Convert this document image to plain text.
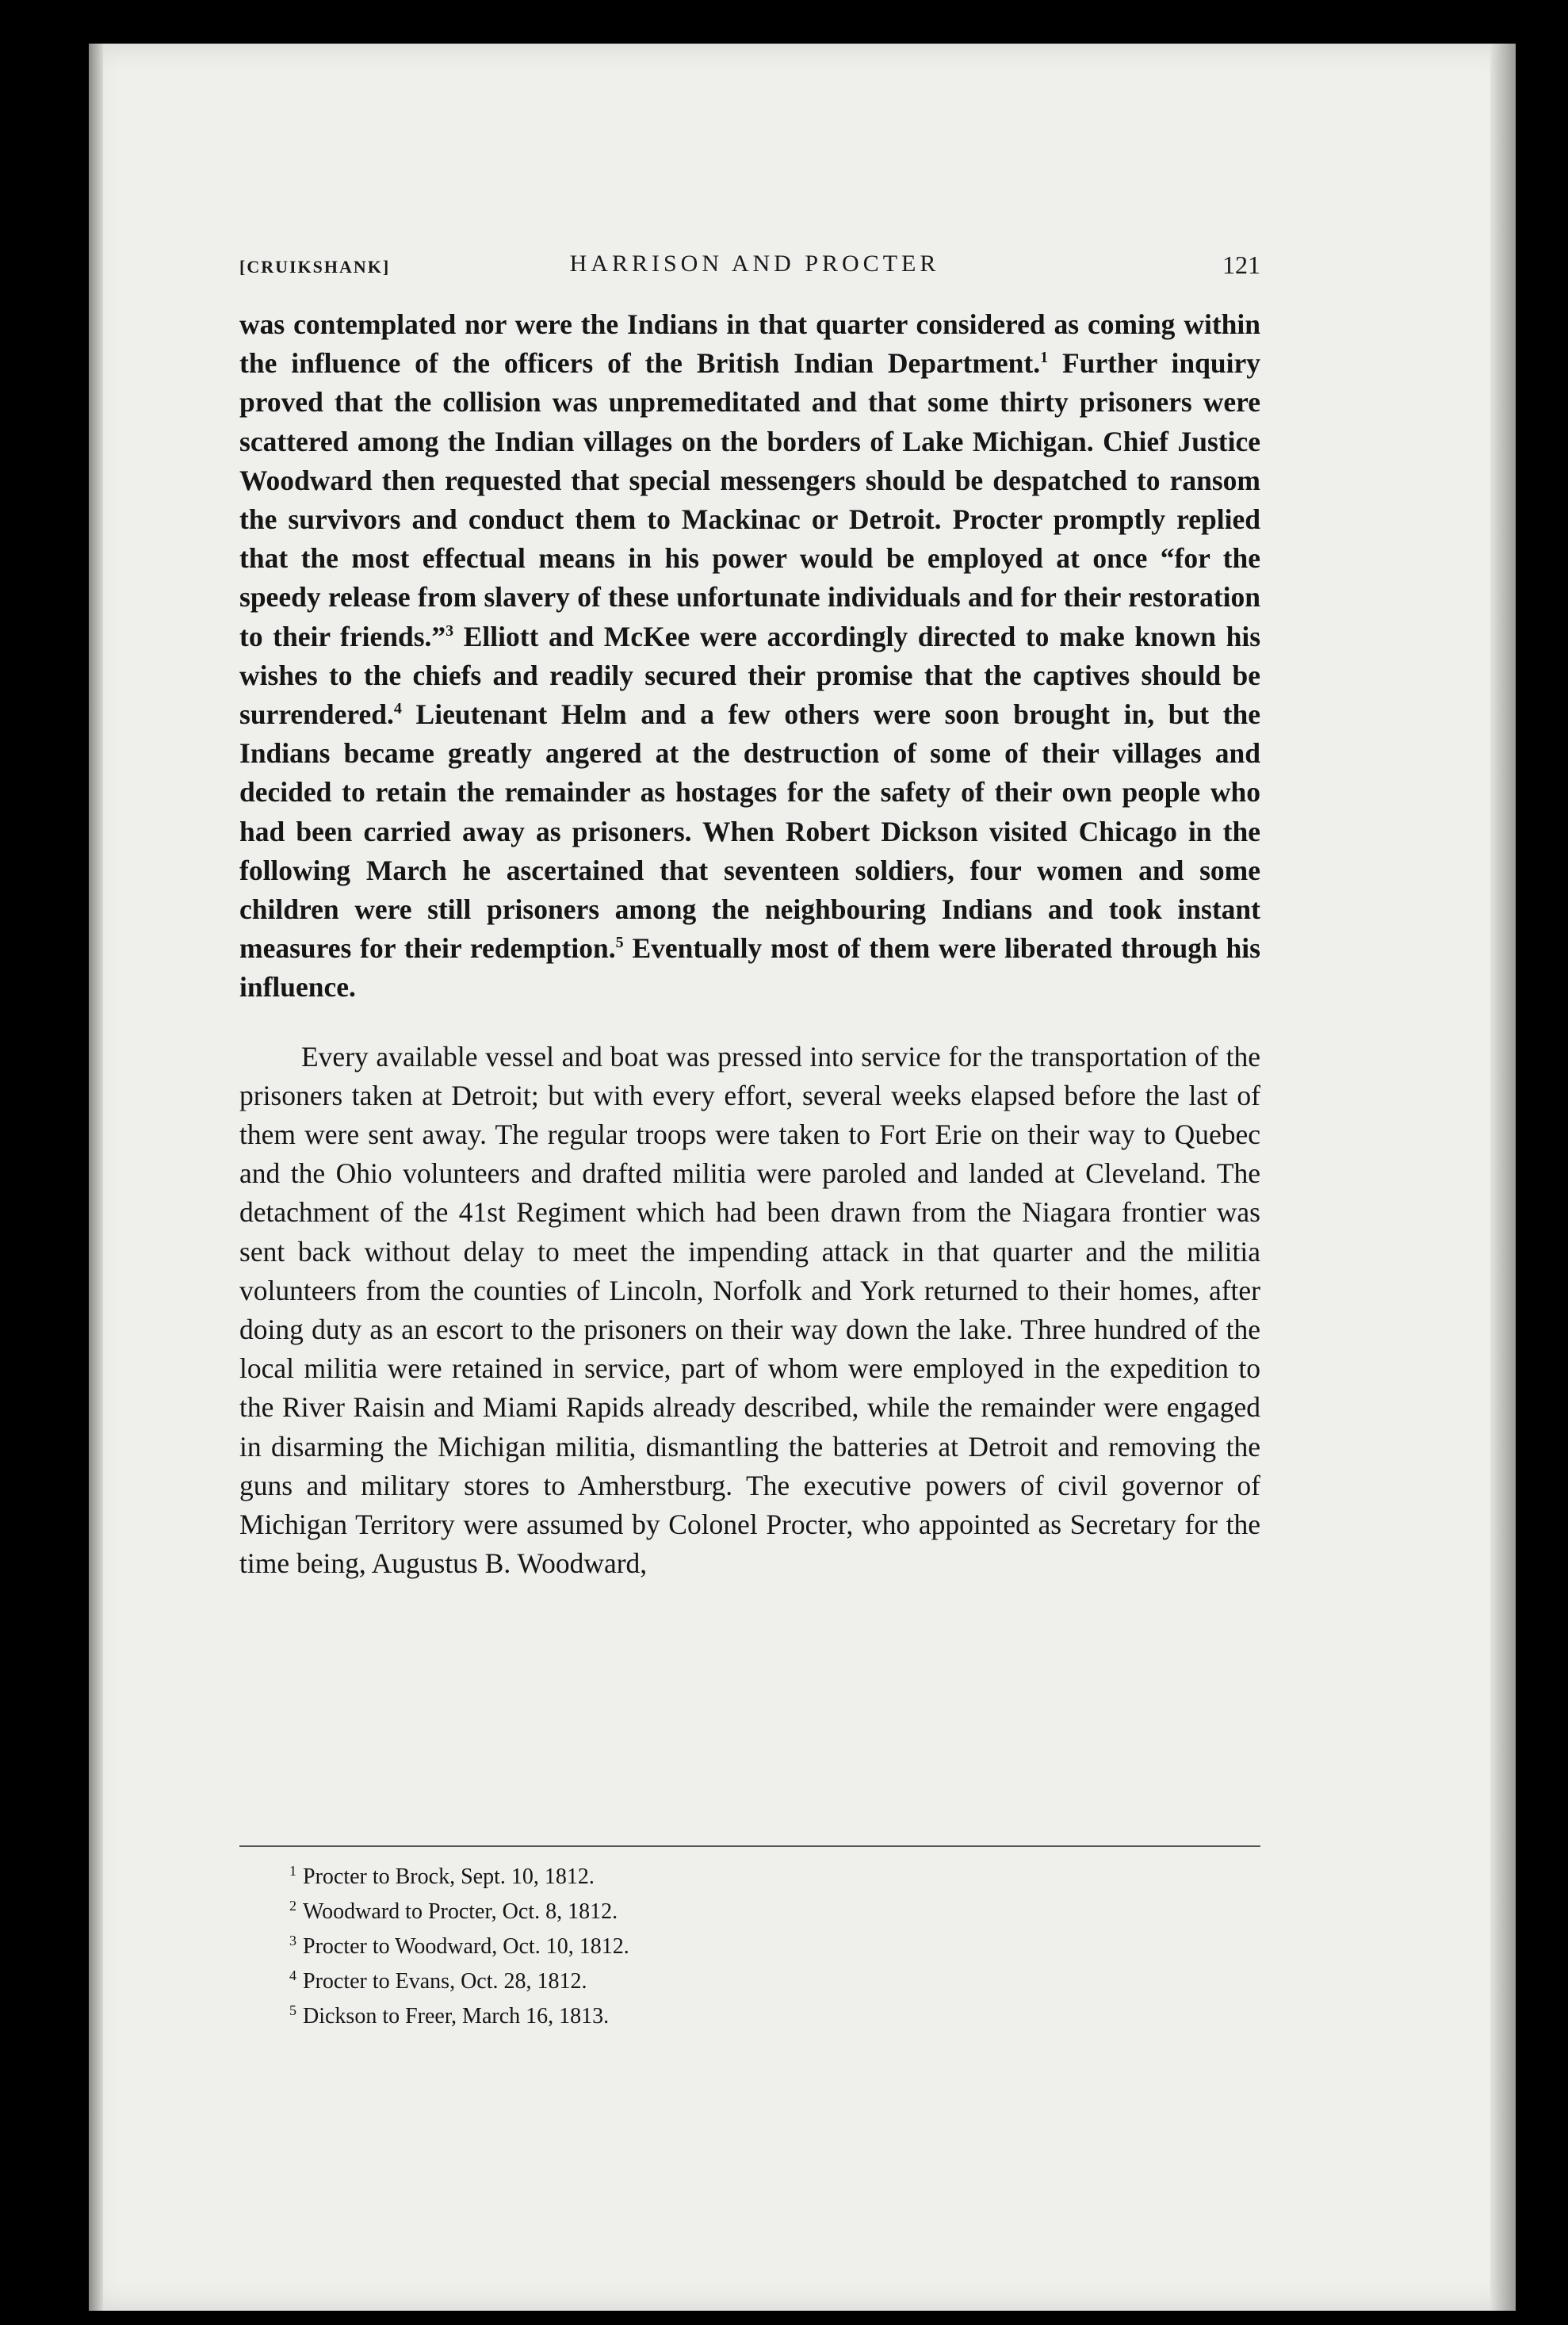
[CRUIKSHANK]	HARRISON AND PROCTER	121

was contemplated nor were the Indians in that quarter considered as coming within the influence of the officers of the British Indian Department.$^1$ Further inquiry proved that the collision was unpremeditated and that some thirty prisoners were scattered among the Indian villages on the borders of Lake Michigan. Chief Justice Woodward then requested that special messengers should be despatched to ransom the survivors and conduct them to Mackinac or Detroit. Procter promptly replied that the most effectual means in his power would be employed at once “for the speedy release from slavery of these unfortunate individuals and for their restoration to their friends.”$^3$ Elliott and McKee were accordingly directed to make known his wishes to the chiefs and readily secured their promise that the captives should be surrendered.$^4$ Lieutenant Helm and a few others were soon brought in, but the Indians became greatly angered at the destruction of some of their villages and decided to retain the remainder as hostages for the safety of their own people who had been carried away as prisoners. When Robert Dickson visited Chicago in the following March he ascertained that seventeen soldiers, four women and some children were still prisoners among the neighbouring Indians and took instant measures for their redemption.$^5$ Eventually most of them were liberated through his influence.

Every available vessel and boat was pressed into service for the transportation of the prisoners taken at Detroit; but with every effort, several weeks elapsed before the last of them were sent away. The regular troops were taken to Fort Erie on their way to Quebec and the Ohio volunteers and drafted militia were paroled and landed at Cleveland. The detachment of the 41st Regiment which had been drawn from the Niagara frontier was sent back without delay to meet the impending attack in that quarter and the militia volunteers from the counties of Lincoln, Norfolk and York returned to their homes, after doing duty as an escort to the prisoners on their way down the lake. Three hundred of the local militia were retained in service, part of whom were employed in the expedition to the River Raisin and Miami Rapids already described, while the remainder were engaged in disarming the Michigan militia, dismantling the batteries at Detroit and removing the guns and military stores to Amherstburg. The executive powers of civil governor of Michigan Territory were assumed by Colonel Procter, who appointed as Secretary for the time being, Augustus B. Woodward,

$^1$ Procter to Brock, Sept. 10, 1812.
$^2$ Woodward to Procter, Oct. 8, 1812.
$^3$ Procter to Woodward, Oct. 10, 1812.
$^4$ Procter to Evans, Oct. 28, 1812.
$^5$ Dickson to Freer, March 16, 1813.
